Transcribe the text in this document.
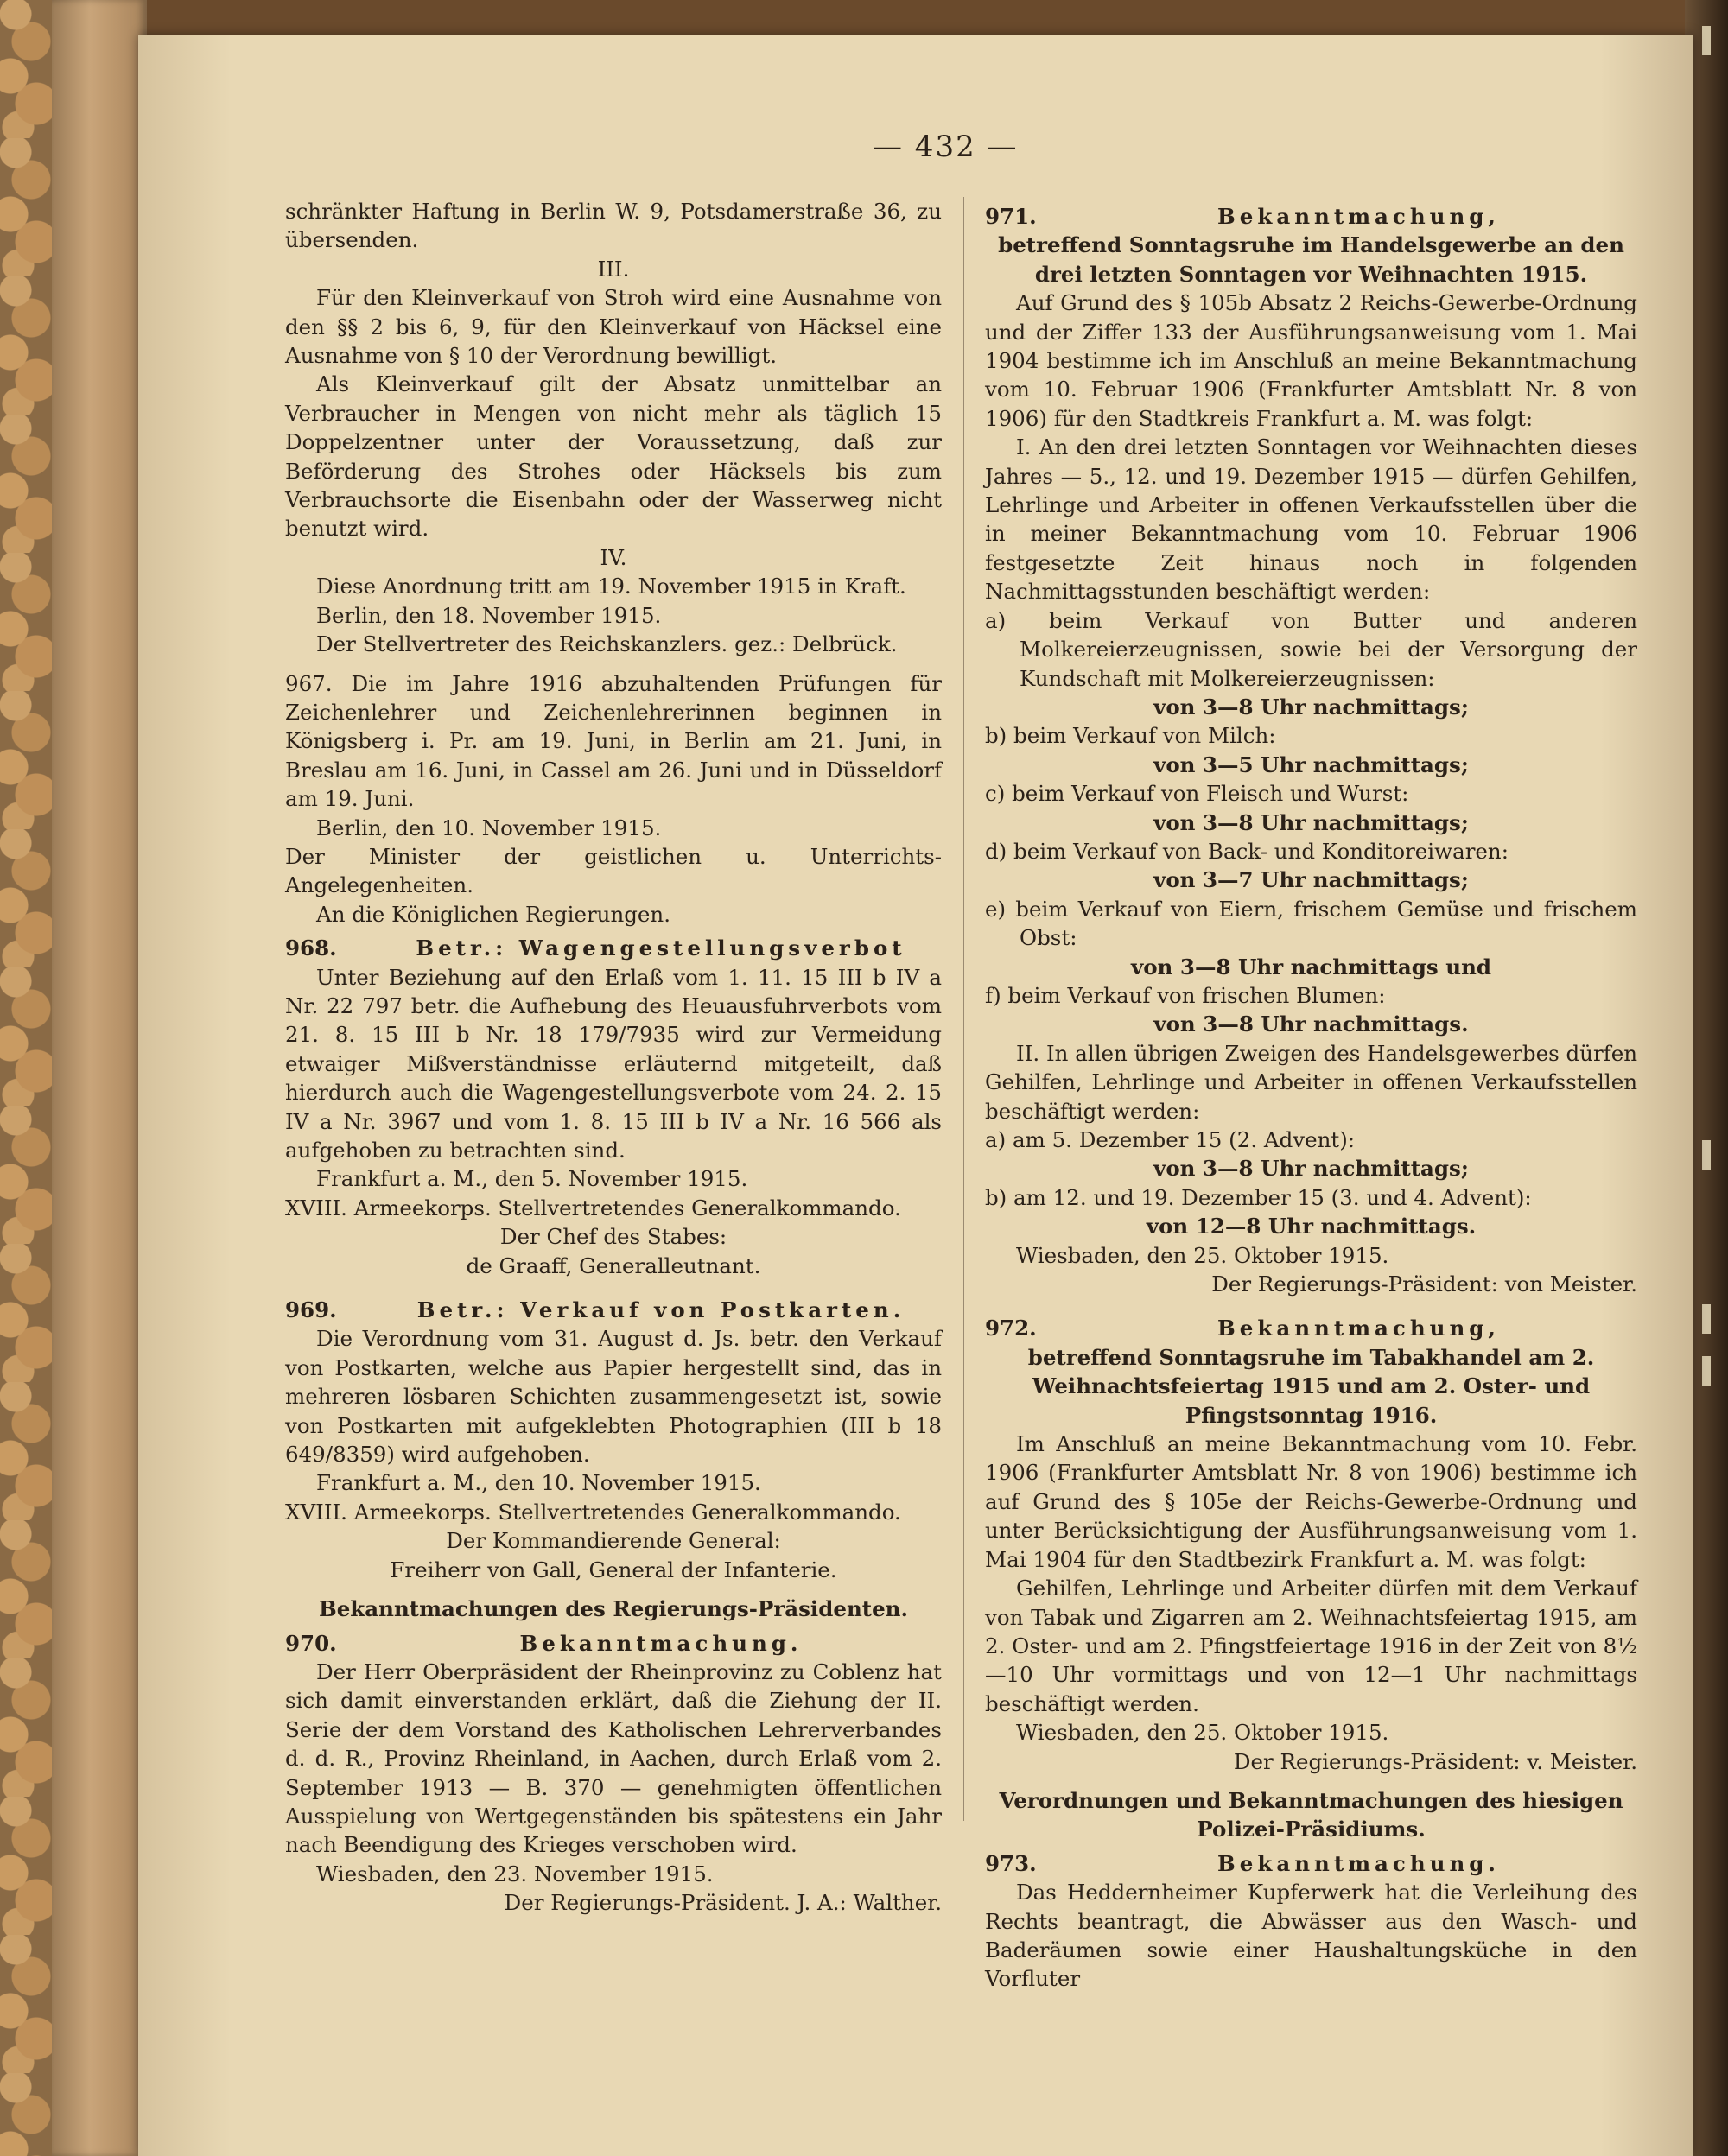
— 432 —

schränkter Haftung in Berlin W. 9, Potsdamerstraße 36, zu übersenden.

III.

Für den Kleinverkauf von Stroh wird eine Ausnahme von den §§ 2 bis 6, 9, für den Kleinverkauf von Häcksel eine Ausnahme von § 10 der Verordnung bewilligt.

Als Kleinverkauf gilt der Absatz unmittelbar an Verbraucher in Mengen von nicht mehr als täglich 15 Doppelzentner unter der Voraussetzung, daß zur Beförderung des Strohes oder Häcksels bis zum Verbrauchsorte die Eisenbahn oder der Wasserweg nicht benutzt wird.

IV.

Diese Anordnung tritt am 19. November 1915 in Kraft.

Berlin, den 18. November 1915.

Der Stellvertreter des Reichskanzlers. gez.: Delbrück.

967. Die im Jahre 1916 abzuhaltenden Prüfungen für Zeichenlehrer und Zeichenlehrerinnen beginnen in Königsberg i. Pr. am 19. Juni, in Berlin am 21. Juni, in Breslau am 16. Juni, in Cassel am 26. Juni und in Düsseldorf am 19. Juni.

Berlin, den 10. November 1915.

Der Minister der geistlichen u. Unterrichts-Angelegenheiten.

An die Königlichen Regierungen.

968.	Betr.: Wagengestellungsverbot

Unter Beziehung auf den Erlaß vom 1. 11. 15 III b IV a Nr. 22 797 betr. die Aufhebung des Heuausfuhrverbots vom 21. 8. 15 III b Nr. 18 179/7935 wird zur Vermeidung etwaiger Mißverständnisse erläuternd mitgeteilt, daß hierdurch auch die Wagengestellungsverbote vom 24. 2. 15 IV a Nr. 3967 und vom 1. 8. 15 III b IV a Nr. 16 566 als aufgehoben zu betrachten sind.

Frankfurt a. M., den 5. November 1915.

XVIII. Armeekorps. Stellvertretendes Generalkommando.

Der Chef des Stabes:

de Graaff, Generalleutnant.

969.	Betr.: Verkauf von Postkarten.

Die Verordnung vom 31. August d. Js. betr. den Verkauf von Postkarten, welche aus Papier hergestellt sind, das in mehreren lösbaren Schichten zusammengesetzt ist, sowie von Postkarten mit aufgeklebten Photographien (III b 18 649/8359) wird aufgehoben.

Frankfurt a. M., den 10. November 1915.

XVIII. Armeekorps. Stellvertretendes Generalkommando.

Der Kommandierende General:

Freiherr von Gall, General der Infanterie.

Bekanntmachungen des Regierungs-Präsidenten.

970.	Bekanntmachung.

Der Herr Oberpräsident der Rheinprovinz zu Coblenz hat sich damit einverstanden erklärt, daß die Ziehung der II. Serie der dem Vorstand des Katholischen Lehrerverbandes d. d. R., Provinz Rheinland, in Aachen, durch Erlaß vom 2. September 1913 — B. 370 — genehmigten öffentlichen Ausspielung von Wertgegenständen bis spätestens ein Jahr nach Beendigung des Krieges verschoben wird.

Wiesbaden, den 23. November 1915.

Der Regierungs-Präsident. J. A.: Walther.

971.	Bekanntmachung,

betreffend Sonntagsruhe im Handelsgewerbe an den drei letzten Sonntagen vor Weihnachten 1915.

Auf Grund des § 105b Absatz 2 Reichs-Gewerbe-Ordnung und der Ziffer 133 der Ausführungsanweisung vom 1. Mai 1904 bestimme ich im Anschluß an meine Bekanntmachung vom 10. Februar 1906 (Frankfurter Amtsblatt Nr. 8 von 1906) für den Stadtkreis Frankfurt a. M. was folgt:

I. An den drei letzten Sonntagen vor Weihnachten dieses Jahres — 5., 12. und 19. Dezember 1915 — dürfen Gehilfen, Lehrlinge und Arbeiter in offenen Verkaufsstellen über die in meiner Bekanntmachung vom 10. Februar 1906 festgesetzte Zeit hinaus noch in folgenden Nachmittagsstunden beschäftigt werden:

a) beim Verkauf von Butter und anderen Molkereierzeugnissen, sowie bei der Versorgung der Kundschaft mit Molkereierzeugnissen:

von 3—8 Uhr nachmittags;

b) beim Verkauf von Milch:

von 3—5 Uhr nachmittags;

c) beim Verkauf von Fleisch und Wurst:

von 3—8 Uhr nachmittags;

d) beim Verkauf von Back- und Konditoreiwaren:

von 3—7 Uhr nachmittags;

e) beim Verkauf von Eiern, frischem Gemüse und frischem Obst:

von 3—8 Uhr nachmittags und

f) beim Verkauf von frischen Blumen:

von 3—8 Uhr nachmittags.

II. In allen übrigen Zweigen des Handelsgewerbes dürfen Gehilfen, Lehrlinge und Arbeiter in offenen Verkaufsstellen beschäftigt werden:

a) am 5. Dezember 15 (2. Advent):

von 3—8 Uhr nachmittags;

b) am 12. und 19. Dezember 15 (3. und 4. Advent):

von 12—8 Uhr nachmittags.

Wiesbaden, den 25. Oktober 1915.

Der Regierungs-Präsident: von Meister.

972.	Bekanntmachung,

betreffend Sonntagsruhe im Tabakhandel am 2. Weihnachtsfeiertag 1915 und am 2. Oster- und Pfingstsonntag 1916.

Im Anschluß an meine Bekanntmachung vom 10. Febr. 1906 (Frankfurter Amtsblatt Nr. 8 von 1906) bestimme ich auf Grund des § 105e der Reichs-Gewerbe-Ordnung und unter Berücksichtigung der Ausführungsanweisung vom 1. Mai 1904 für den Stadtbezirk Frankfurt a. M. was folgt:

Gehilfen, Lehrlinge und Arbeiter dürfen mit dem Verkauf von Tabak und Zigarren am 2. Weihnachtsfeiertag 1915, am 2. Oster- und am 2. Pfingstfeiertage 1916 in der Zeit von 8½—10 Uhr vormittags und von 12—1 Uhr nachmittags beschäftigt werden.

Wiesbaden, den 25. Oktober 1915.

Der Regierungs-Präsident: v. Meister.

Verordnungen und Bekanntmachungen des hiesigen Polizei-Präsidiums.

973.	Bekanntmachung.

Das Heddernheimer Kupferwerk hat die Verleihung des Rechts beantragt, die Abwässer aus den Wasch- und Baderäumen sowie einer Haushaltungsküche in den Vorfluter
